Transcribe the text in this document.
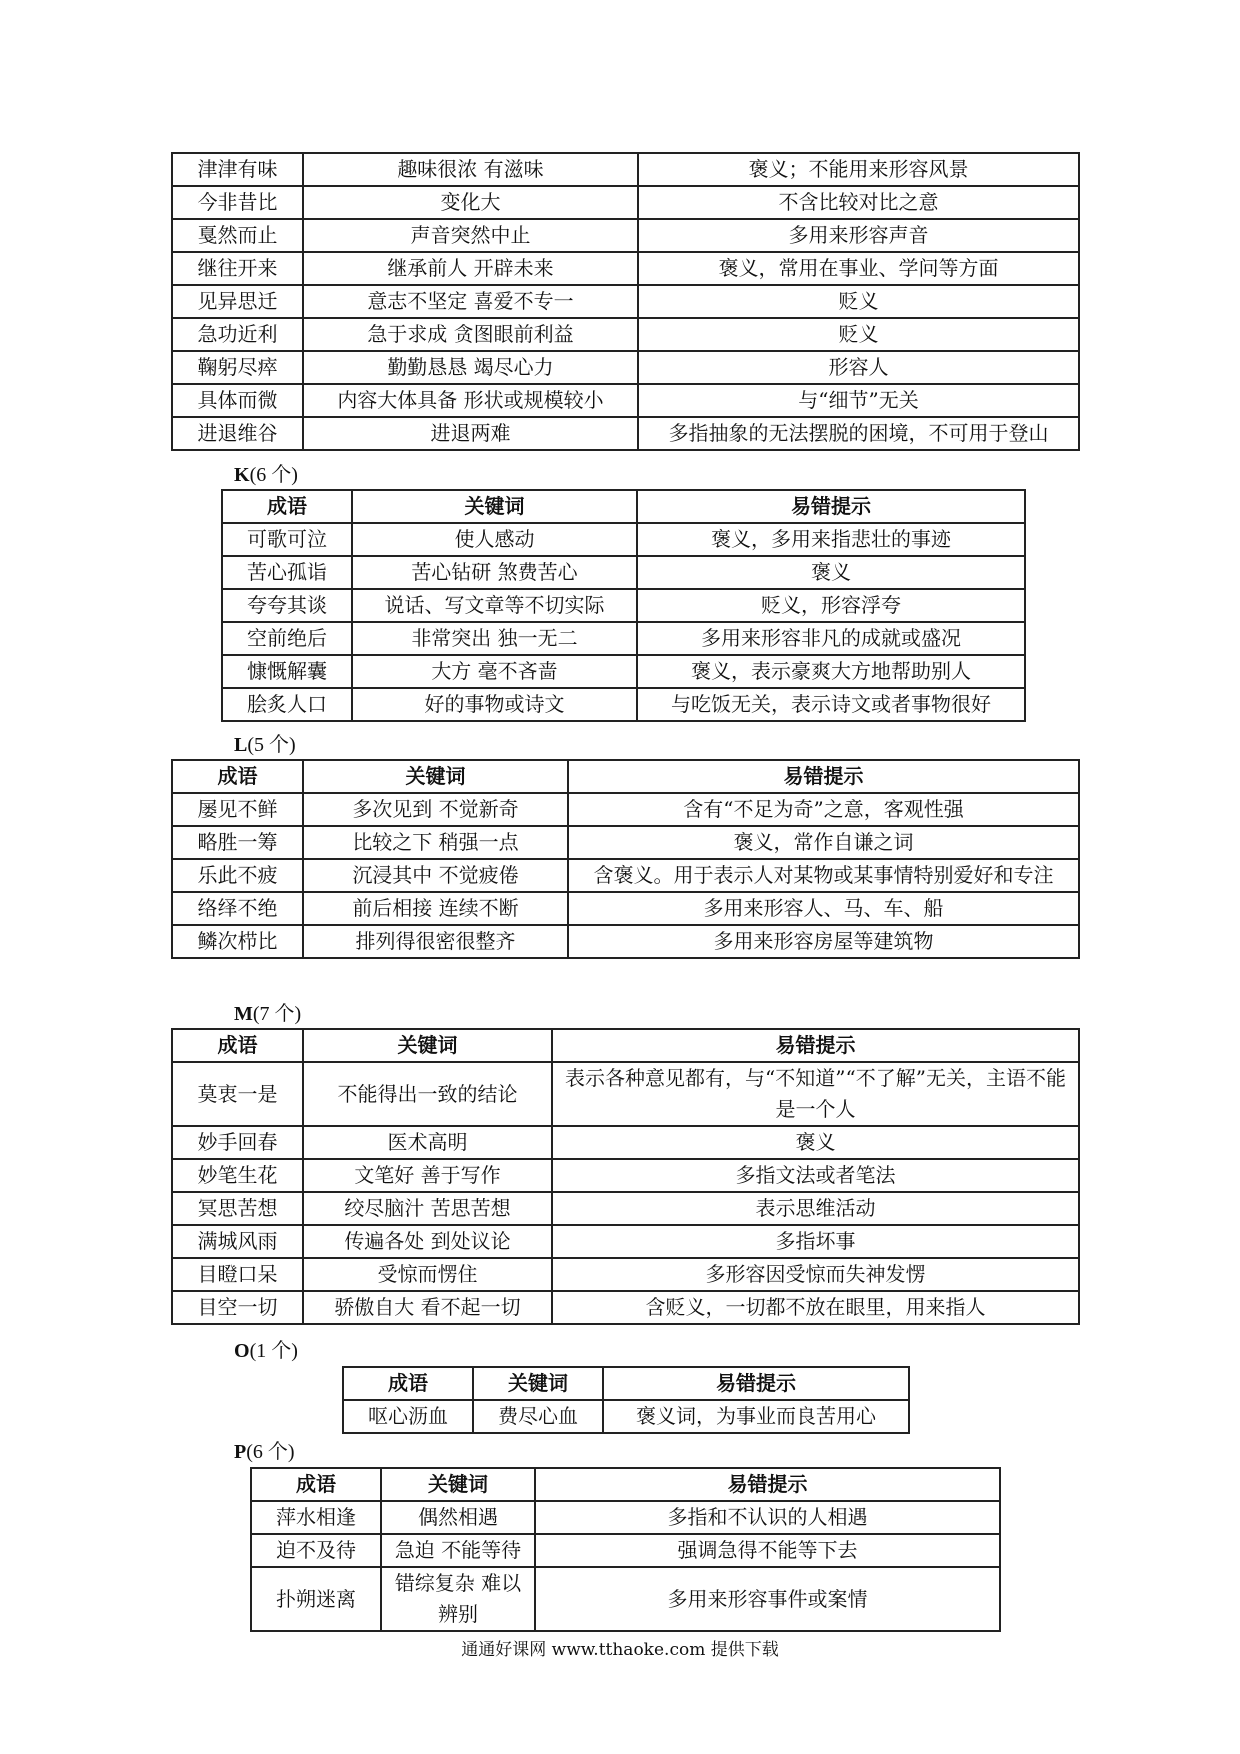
津津有味	趣味很浓 有滋味	褒义；不能用来形容风景
今非昔比	变化大	不含比较对比之意
戛然而止	声音突然中止	多用来形容声音
继往开来	继承前人 开辟未来	褒义，常用在事业、学问等方面
见异思迁	意志不坚定 喜爱不专一	贬义
急功近利	急于求成 贪图眼前利益	贬义
鞠躬尽瘁	勤勤恳恳 竭尽心力	形容人
具体而微	内容大体具备 形状或规模较小	与“细节”无关
进退维谷	进退两难	多指抽象的无法摆脱的困境，不可用于登山
K(6 个)
成语	关键词	易错提示
可歌可泣	使人感动	褒义，多用来指悲壮的事迹
苦心孤诣	苦心钻研 煞费苦心	褒义
夸夸其谈	说话、写文章等不切实际	贬义，形容浮夸
空前绝后	非常突出 独一无二	多用来形容非凡的成就或盛况
慷慨解囊	大方 毫不吝啬	褒义，表示豪爽大方地帮助别人
脍炙人口	好的事物或诗文	与吃饭无关，表示诗文或者事物很好
L(5 个)
成语	关键词	易错提示
屡见不鲜	多次见到 不觉新奇	含有“不足为奇”之意，客观性强
略胜一筹	比较之下 稍强一点	褒义，常作自谦之词
乐此不疲	沉浸其中 不觉疲倦	含褒义。用于表示人对某物或某事情特别爱好和专注
络绎不绝	前后相接 连续不断	多用来形容人、马、车、船
鳞次栉比	排列得很密很整齐	多用来形容房屋等建筑物
M(7 个)
成语	关键词	易错提示
莫衷一是	不能得出一致的结论	表示各种意见都有，与“不知道”“不了解”无关，主语不能是一个人
妙手回春	医术高明	褒义
妙笔生花	文笔好 善于写作	多指文法或者笔法
冥思苦想	绞尽脑汁 苦思苦想	表示思维活动
满城风雨	传遍各处 到处议论	多指坏事
目瞪口呆	受惊而愣住	多形容因受惊而失神发愣
目空一切	骄傲自大 看不起一切	含贬义，一切都不放在眼里，用来指人
O(1 个)
成语	关键词	易错提示
呕心沥血	费尽心血	褒义词，为事业而良苦用心
P(6 个)
成语	关键词	易错提示
萍水相逢	偶然相遇	多指和不认识的人相遇
迫不及待	急迫 不能等待	强调急得不能等下去
扑朔迷离	错综复杂 难以辨别	多用来形容事件或案情
通通好课网 www.tthaoke.com 提供下载
